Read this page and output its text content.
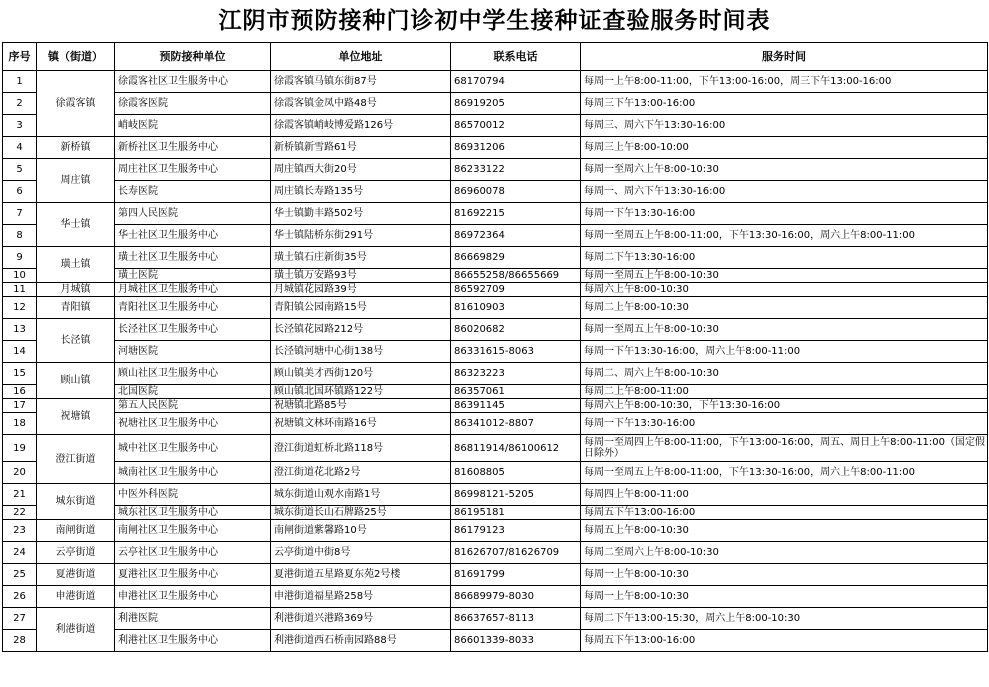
江阴市预防接种门诊初中学生接种证查验服务时间表
序号	镇（街道）	预防接种单位	单位地址	联系电话	服务时间
1	徐霞客镇	徐霞客社区卫生服务中心	徐霞客镇马镇东街87号	68170794	每周一上午8:00-11:00，下午13:00-16:00，周三下午13:00-16:00
2		徐霞客医院	徐霞客镇金凤中路48号	86919205	每周三下午13:00-16:00
3		峭岐医院	徐霞客镇峭岐博爱路126号	86570012	每周三、周六下午13:30-16:00
4	新桥镇	新桥社区卫生服务中心	新桥镇新雪路61号	86931206	每周三上午8:00-10:00
5	周庄镇	周庄社区卫生服务中心	周庄镇西大街20号	86233122	每周一至周六上午8:00-10:30
6		长寿医院	周庄镇长寿路135号	86960078	每周一、周六下午13:30-16:00
7	华士镇	第四人民医院	华士镇勤丰路502号	81692215	每周一下午13:30-16:00
8		华士社区卫生服务中心	华士镇陆桥东街291号	86972364	每周一至周五上午8:00-11:00，下午13:30-16:00，周六上午8:00-11:00
9	璜土镇	璜土社区卫生服务中心	璜土镇石庄新街35号	86669829	每周二下午13:30-16:00
10		璜土医院	璜土镇万安路93号	86655258/86655669	每周一至周五上午8:00-10:30
11	月城镇	月城社区卫生服务中心	月城镇花园路39号	86592709	每周六上午8:00-10:30
12	青阳镇	青阳社区卫生服务中心	青阳镇公园南路15号	81610903	每周二上午8:00-10:30
13	长泾镇	长泾社区卫生服务中心	长泾镇花园路212号	86020682	每周一至周五上午8:00-10:30
14		河塘医院	长泾镇河塘中心街138号	86331615-8063	每周一下午13:30-16:00，周六上午8:00-11:00
15	顾山镇	顾山社区卫生服务中心	顾山镇美才西街120号	86323223	每周二、周六上午8:00-10:30
16		北国医院	顾山镇北国环镇路122号	86357061	每周二上午8:00-11:00
17	祝塘镇	第五人民医院	祝塘镇北路85号	86391145	每周六上午8:00-10:30，下午13:30-16:00
18		祝塘社区卫生服务中心	祝塘镇文林环南路16号	86341012-8807	每周一下午13:30-16:00
19	澄江街道	城中社区卫生服务中心	澄江街道虹桥北路118号	86811914/86100612	每周一至周四上午8:00-11:00，下午13:00-16:00，周五、周日上午8:00-11:00（国定假日除外）
20		城南社区卫生服务中心	澄江街道花北路2号	81608805	每周一至周五上午8:00-11:00，下午13:30-16:00，周六上午8:00-11:00
21	城东街道	中医外科医院	城东街道山观水南路1号	86998121-5205	每周四上午8:00-11:00
22		城东社区卫生服务中心	城东街道长山石牌路25号	86195181	每周五下午13:00-16:00
23	南闸街道	南闸社区卫生服务中心	南闸街道紫馨路10号	86179123	每周五上午8:00-10:30
24	云亭街道	云亭社区卫生服务中心	云亭街道中街8号	81626707/81626709	每周二至周六上午8:00-10:30
25	夏港街道	夏港社区卫生服务中心	夏港街道五星路夏东苑2号楼	81691799	每周一上午8:00-10:30
26	申港街道	申港社区卫生服务中心	申港街道福星路258号	86689979-8030	每周一上午8:00-10:30
27	利港街道	利港医院	利港街道兴港路369号	86637657-8113	每周二下午13:00-15:30，周六上午8:00-10:30
28		利港社区卫生服务中心	利港街道西石桥南园路88号	86601339-8033	每周五下午13:00-16:00
